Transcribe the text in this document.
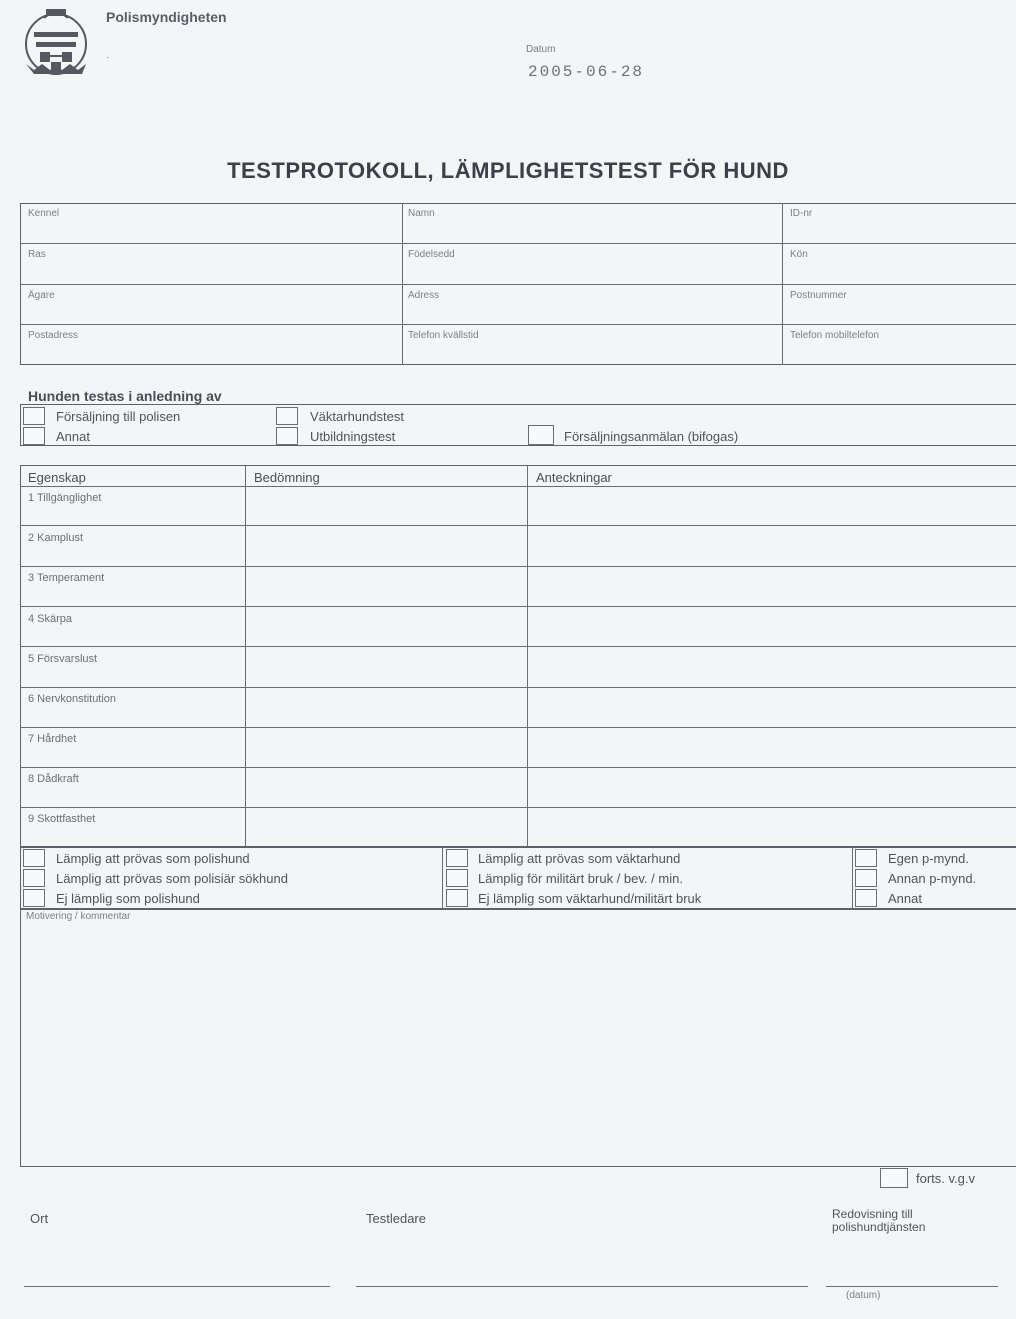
Polismyndigheten
·
Datum
2005-06-28
TESTPROTOKOLL, LÄMPLIGHETSTEST FÖR HUND
Kennel	Namn	ID-nr
Ras	Födelsedd	Kön
Ägare	Adress	Postnummer
Postadress	Telefon kvällstid	Telefon mobiltelefon
Hunden testas i anledning av
Försäljning till polisen
Annat
Väktarhundstest
Utbildningstest	Försäljningsanmälan (bifogas)
Egenskap	Bedömning	Anteckningar
1 Tillgänglighet
2 Kamplust
3 Temperament
4 Skärpa
5 Försvarslust
6 Nervkonstitution
7 Hårdhet
8 Dådkraft
9 Skottfasthet
Lämplig att prövas som polishund
Lämplig att prövas som polisiär sökhund
Ej lämplig som polishund
Lämplig att prövas som väktarhund
Lämplig för militärt bruk / bev. / min.
Ej lämplig som väktarhund/militärt bruk
Egen p-mynd.
Annan p-mynd.
Annat
Motivering / kommentar
forts. v.g.v
Ort	Testledare	Redovisning till polishundtjänsten
(datum)
